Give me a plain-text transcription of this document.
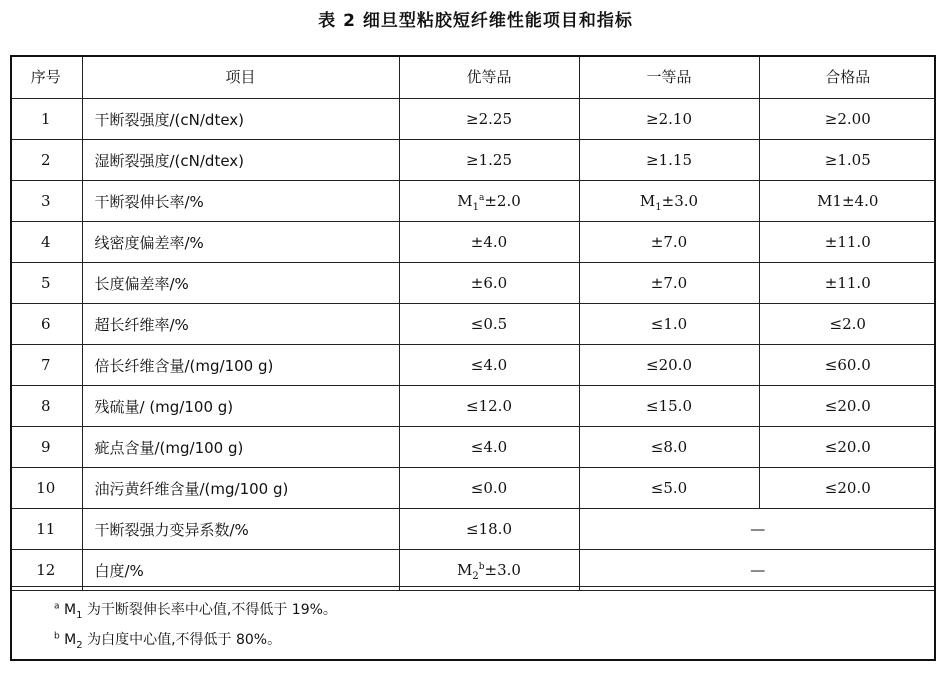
表 2 细旦型粘胶短纤维性能项目和指标
序号	项目	优等品	一等品	合格品
1	干断裂强度/(cN/dtex)	≥2.25	≥2.10	≥2.00
2	湿断裂强度/(cN/dtex)	≥1.25	≥1.15	≥1.05
3	干断裂伸长率/%	$M_1^a\pm 2.0$	$M_1\pm 3.0$	M1±4.0
4	线密度偏差率/%	±4.0	±7.0	±11.0
5	长度偏差率/%	±6.0	±7.0	±11.0
6	超长纤维率/%	≤0.5	≤1.0	≤2.0
7	倍长纤维含量/(mg/100 g)	≤4.0	≤20.0	≤60.0
8	残硫量/ (mg/100 g)	≤12.0	≤15.0	≤20.0
9	疵点含量/(mg/100 g)	≤4.0	≤8.0	≤20.0
10	油污黄纤维含量/(mg/100 g)	≤0.0	≤5.0	≤20.0
11	干断裂强力变异系数/%	≤18.0	—	
12	白度/%	$M_2^b\pm 3.0$	—	
$^a$ $M_1$ 为干断裂伸长率中心值,不得低于 19%。
$^b$ $M_2$ 为白度中心值,不得低于 80%。
